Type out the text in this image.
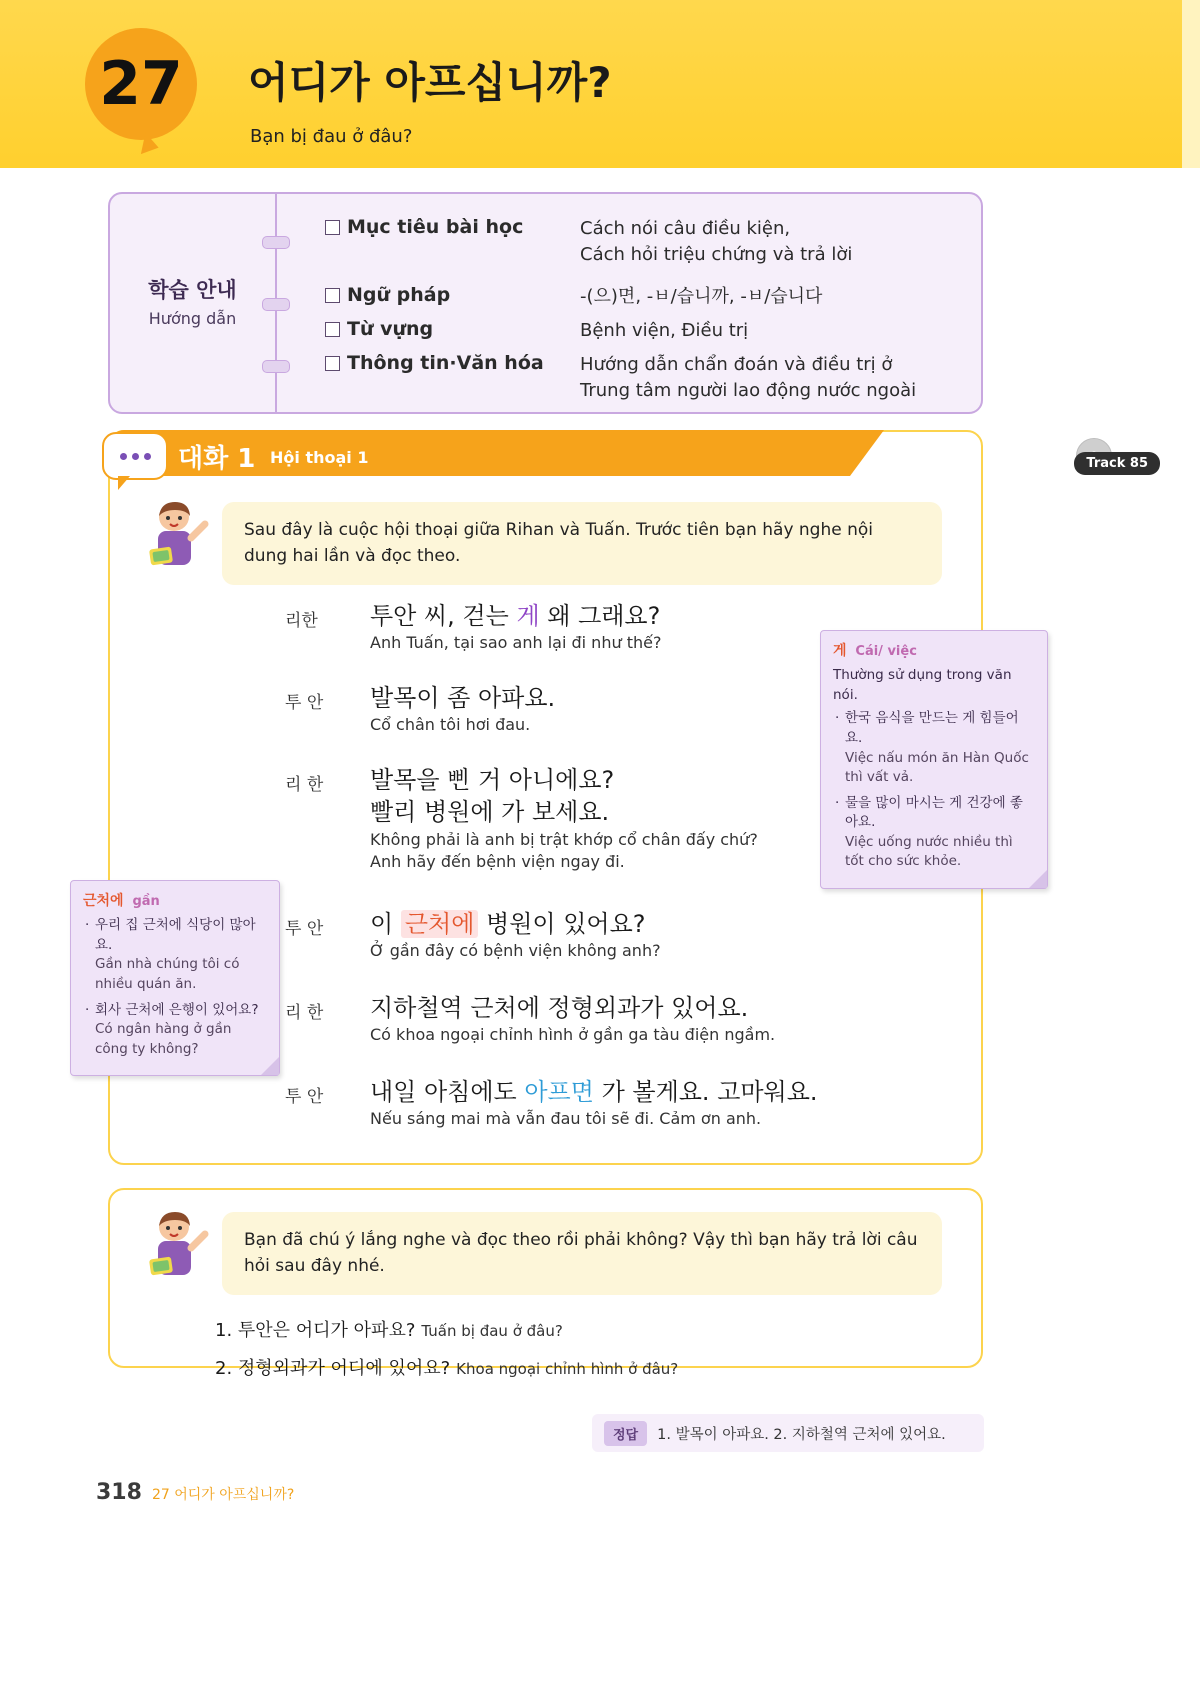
27 어디가 아프십니까?
Bạn bị đau ở đâu?
학습 안내
Hướng dẫn
Mục tiêu bài học	Cách nói câu điều kiện,
Cách hỏi triệu chứng và trả lời
Ngữ pháp	-(으)면, -ㅂ/습니까, -ㅂ/습니다
Từ vựng	Bệnh viện, Điều trị
Thông tin·Văn hóa	Hướng dẫn chẩn đoán và điều trị ở
Trung tâm người lao động nước ngoài
대화 1 Hội thoại 1	Track 85
Sau đây là cuộc hội thoại giữa Rihan và Tuấn. Trước tiên bạn hãy nghe nội dung hai lần và đọc theo.
리한	투안 씨, 걷는 게 왜 그래요?
Anh Tuấn, tại sao anh lại đi như thế?
투 안	발목이 좀 아파요.
Cổ chân tôi hơi đau.
리 한	발목을 삔 거 아니에요?
빨리 병원에 가 보세요.
Không phải là anh bị trật khớp cổ chân đấy chứ?
Anh hãy đến bệnh viện ngay đi.
투 안	이 근처에 병원이 있어요?
Ở gần đây có bệnh viện không anh?
리 한	지하철역 근처에 정형외과가 있어요.
Có khoa ngoại chỉnh hình ở gần ga tàu điện ngầm.
투 안	내일 아침에도 아프면 가 볼게요. 고마워요.
Nếu sáng mai mà vẫn đau tôi sẽ đi. Cảm ơn anh.
게 Cái/ việc
Thường sử dụng trong văn nói.
· 한국 음식을 만드는 게 힘들어요.
Việc nấu món ăn Hàn Quốc thì vất vả.
· 물을 많이 마시는 게 건강에 좋아요.
Việc uống nước nhiều thì tốt cho sức khỏe.
근처에 gần
· 우리 집 근처에 식당이 많아요.
Gần nhà chúng tôi có nhiều quán ăn.
· 회사 근처에 은행이 있어요?
Có ngân hàng ở gần công ty không?
Bạn đã chú ý lắng nghe và đọc theo rồi phải không? Vậy thì bạn hãy trả lời câu hỏi sau đây nhé.
1. 투안은 어디가 아파요? Tuấn bị đau ở đâu?
2. 정형외과가 어디에 있어요? Khoa ngoại chỉnh hình ở đâu?
정답	1. 발목이 아파요. 2. 지하철역 근처에 있어요.
318 27 어디가 아프십니까?
